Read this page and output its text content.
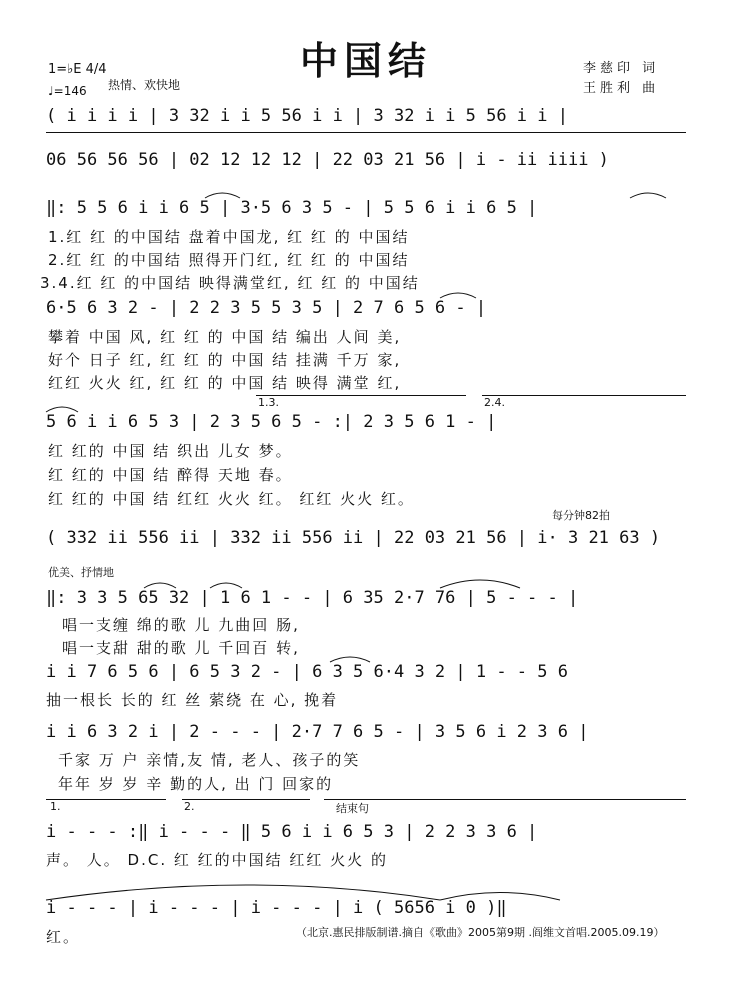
中国结	李慈印 词
王胜利 曲
1=♭E 4/4
♩=146 热情、欢快地
( i i i i | 3 32 i i 5 56 i i | 3 32 i i 5 56 i i |
06 56 56 56 | 02 12 12 12 | 22 03 21 56 | i - ii iiii )
‖: 5 5 6 i i 6 5 | 3·5 6 3 5 - | 5 5 6 i i 6 5 |
1.红 红 的中国结 盘着中国龙, 红 红 的 中国结
2.红 红 的中国结 照得开门红, 红 红 的 中国结
3.4.红 红 的中国结 映得满堂红, 红 红 的 中国结
6·5 6 3 2 - | 2 2 3 5 5 3 5 | 2 7 6 5 6 - |
攀着 中国 风, 红 红 的 中国 结 编出 人间 美,
好个 日子 红, 红 红 的 中国 结 挂满 千万 家,
红红 火火 红, 红 红 的 中国 结 映得 满堂 红,
1.3.	2.4.
5 6 i i 6 5 3 | 2 3 5 6 5 - :| 2 3 5 6 1 - |
红 红的 中国 结 织出 儿女 梦。
红 红的 中国 结 醉得 天地 春。
红 红的 中国 结 红红 火火 红。 红红 火火 红。
每分钟82拍
( 332 ii 556 ii | 332 ii 556 ii | 22 03 21 56 | i· 3 21 63 )
优美、抒情地
‖: 3 3 5 65 32 | 1 6 1 - - | 6 35 2·7 76 | 5 - - - |
唱一支缠 绵的歌 儿 九曲回 肠,
唱一支甜 甜的歌 儿 千回百 转,
i i 7 6 5 6 | 6 5 3 2 - | 6 3 5 6·4 3 2 | 1 - - 5 6
抽一根长 长的 红 丝 萦绕 在 心, 挽着
i i 6 3 2 i | 2 - - - | 2·7 7 6 5 - | 3 5 6 i 2 3 6 |
千家 万 户 亲情,友 情, 老人、孩子的笑
年年 岁 岁 辛 勤的人, 出 门 回家的
1.	2.	结束句
i - - - :‖ i - - - ‖ 5 6 i i 6 5 3 | 2 2 3 3 6 |
声。 人。 D.C. 红 红的中国结 红红 火火 的
i - - - | i - - - | i - - - | i ( 5656 i 0 )‖
红。	（北京.惠民排版制谱.摘自《歌曲》2005第9期 .阎维文首唱.2005.09.19）
